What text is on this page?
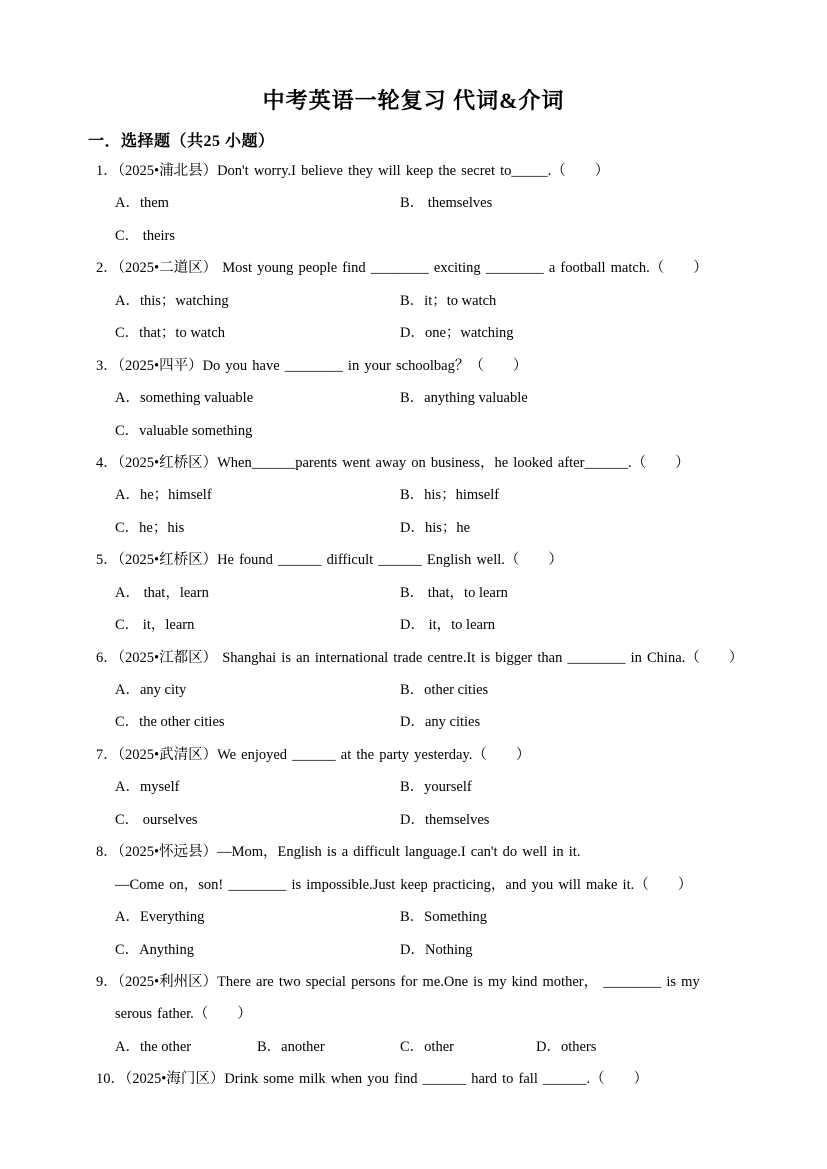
中考英语一轮复习 代词&介词
一．选择题（共25 小题）
1．（2025•浦北县）Don't worry.I believe they will keep the secret to_____.（　　）

A．them

	B． themselves

C． theirs

2．（2025•二道区） Most young people find ________ exciting ________ a football match.（　　）

A．this；watching

	B．it；to watch

C．that；to watch

	D．one；watching

3．（2025•四平）Do you have ________ in your schoolbag？（　　）

A．something valuable

	B．anything valuable

C．valuable something

4．（2025•红桥区）When______parents went away on business，he looked after______.（　　）

A．he；himself

	B．his；himself

C．he；his

	D．his；he

5．（2025•红桥区）He found ______ difficult ______ English well.（　　）

A． that，learn

	B． that，to learn

C． it，learn

	D． it，to learn

6．（2025•江都区） Shanghai is an international trade centre.It is bigger than ________ in China.（　　）

A．any city

	B．other cities

C．the other cities

	D．any cities

7．（2025•武清区）We enjoyed ______ at the party yesterday.（　　）

A．myself

	B．yourself

C． ourselves

	D．themselves

8．（2025•怀远县）—Mom，English is a difficult language.I can't do well in it.
—Come on，son! ________ is impossible.Just keep practicing，and you will make it.（　　）

A．Everything

	B．Something

C．Anything

	D．Nothing

9．（2025•利州区）There are two special persons for me.One is my kind mother， ________ is my
serous father.（　　）

A．the other

	B．another

	C．other

	D．others

10．（2025•海门区）Drink some milk when you find ______ hard to fall ______.（　　）
